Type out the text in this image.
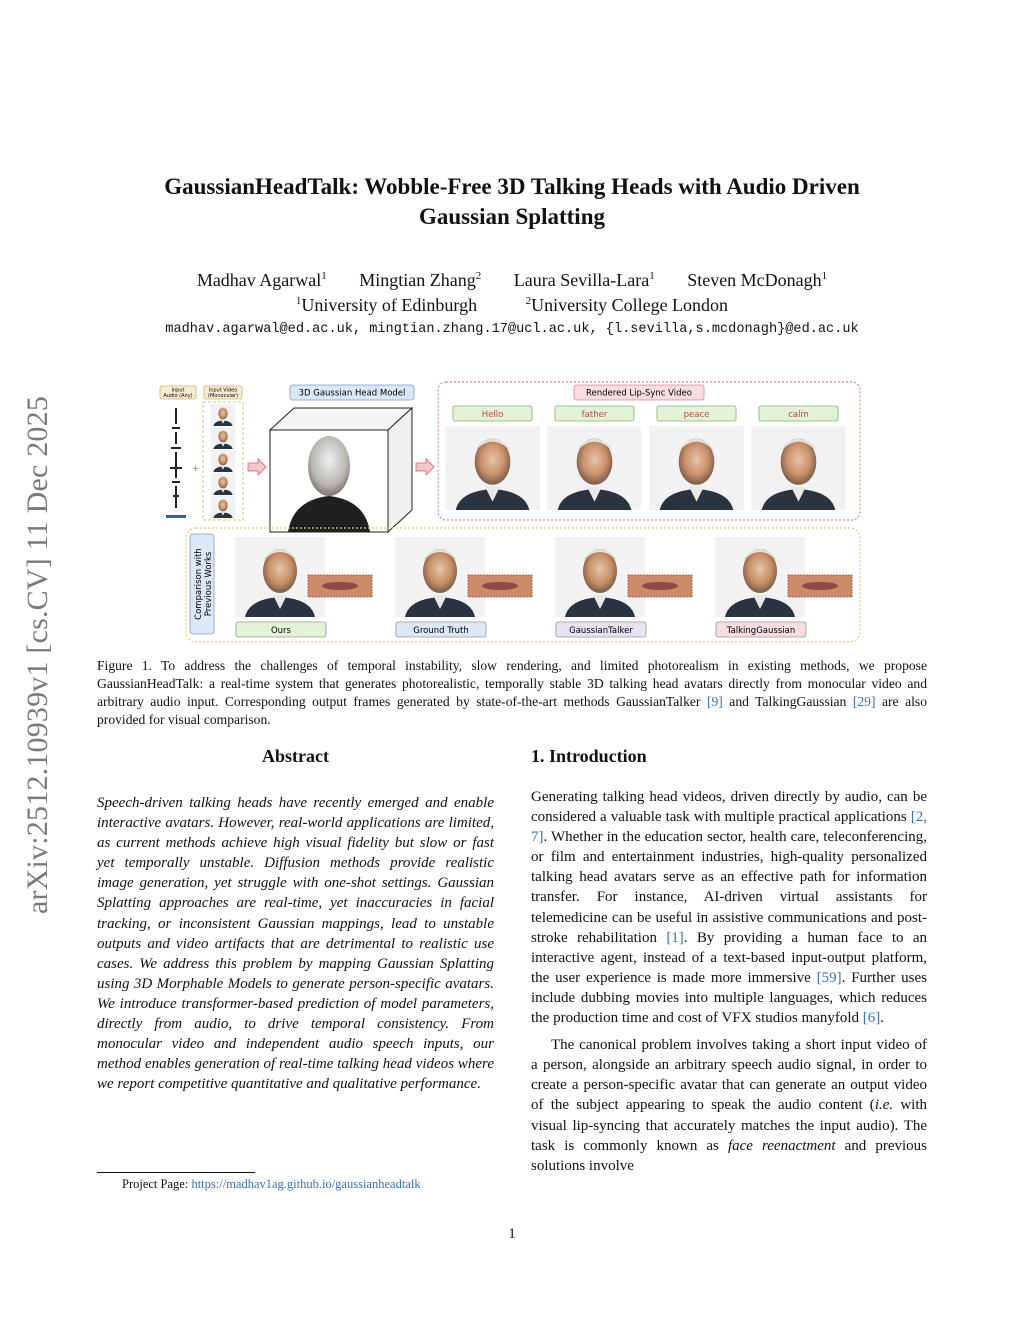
arXiv:2512.10939v1 [cs.CV] 11 Dec 2025
GaussianHeadTalk: Wobble-Free 3D Talking Heads with Audio Driven
Gaussian Splatting
Madhav Agarwal$^1$ Mingtian Zhang$^2$ Laura Sevilla-Lara$^1$ Steven McDonagh$^1$
$^1$University of Edinburgh	$^2$University College London
madhav.agarwal@ed.ac.uk, mingtian.zhang.17@ucl.ac.uk, {l.sevilla,s.mcdonagh}@ed.ac.uk
Input
Audio (Any)
Input Video
(Monocular)
+
3D Gaussian Head Model	Rendered Lip-Sync Video
Hello	father	peace	calm
Comparison with Previous Works
Ours	Ground Truth	GaussianTalker	TalkingGaussian
Figure 1. To address the challenges of temporal instability, slow rendering, and limited photorealism in existing methods, we propose GaussianHeadTalk: a real-time system that generates photorealistic, temporally stable 3D talking head avatars directly from monocular video and arbitrary audio input. Corresponding output frames generated by state-of-the-art methods GaussianTalker [9] and TalkingGaussian [29] are also provided for visual comparison.
Abstract
Speech-driven talking heads have recently emerged and enable interactive avatars. However, real-world applications are limited, as current methods achieve high visual fidelity but slow or fast yet temporally unstable. Diffusion methods provide realistic image generation, yet struggle with one-shot settings. Gaussian Splatting approaches are real-time, yet inaccuracies in facial tracking, or inconsistent Gaussian mappings, lead to unstable outputs and video artifacts that are detrimental to realistic use cases. We address this problem by mapping Gaussian Splatting using 3D Morphable Models to generate person-specific avatars. We introduce transformer-based prediction of model parameters, directly from audio, to drive temporal consistency. From monocular video and independent audio speech inputs, our method enables generation of real-time talking head videos where we report competitive quantitative and qualitative performance.
1. Introduction

Generating talking head videos, driven directly by audio, can be considered a valuable task with multiple practical applications [2, 7]. Whether in the education sector, health care, teleconferencing, or film and entertainment industries, high-quality personalized talking head avatars serve as an effective path for information transfer. For instance, AI-driven virtual assistants for telemedicine can be useful in assistive communications and post-stroke rehabilitation [1]. By providing a human face to an interactive agent, instead of a text-based input-output platform, the user experience is made more immersive [59]. Further uses include dubbing movies into multiple languages, which reduces the production time and cost of VFX studios manyfold [6].

The canonical problem involves taking a short input video of a person, alongside an arbitrary speech audio signal, in order to create a person-specific avatar that can generate an output video of the subject appearing to speak the audio content (i.e. with visual lip-syncing that accurately matches the input audio). The task is commonly known as face reenactment and previous solutions involve

Project Page: https://madhav1ag.github.io/gaussianheadtalk
1
